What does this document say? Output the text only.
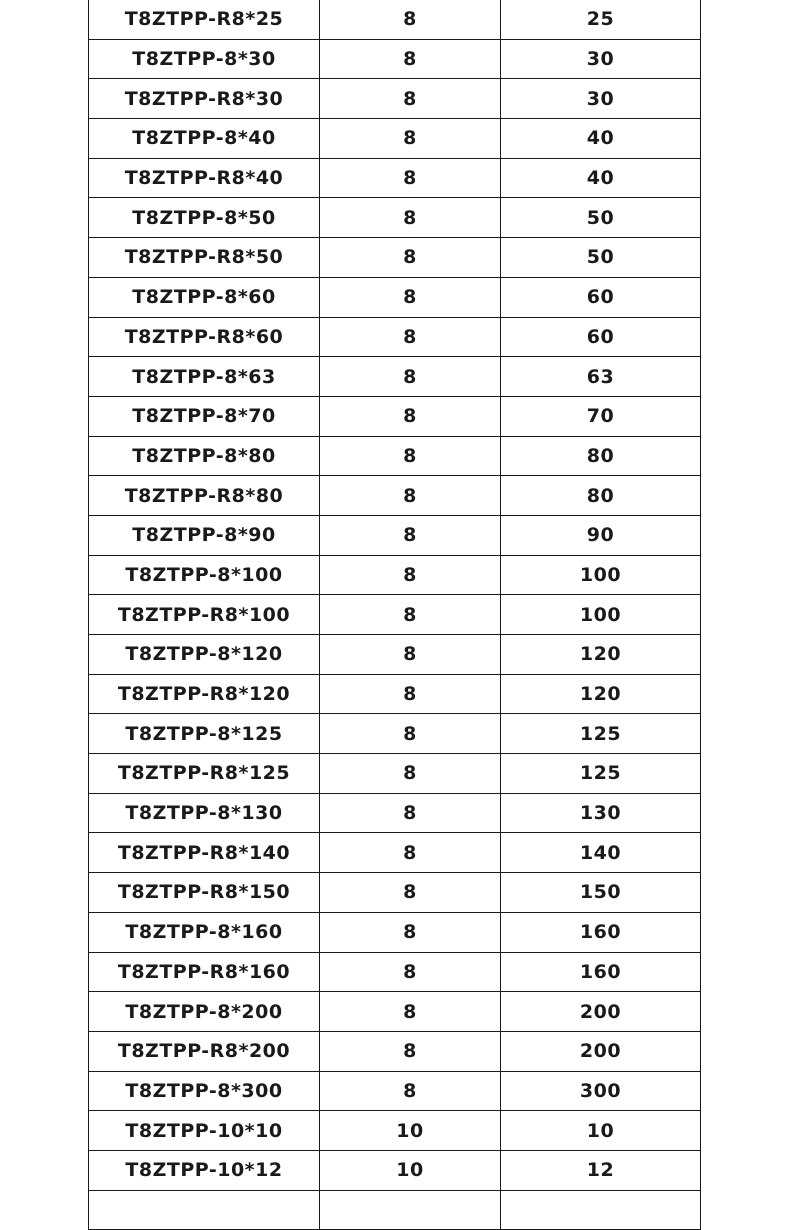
T8ZTPP-R8*25	8	25
T8ZTPP-8*30	8	30
T8ZTPP-R8*30	8	30
T8ZTPP-8*40	8	40
T8ZTPP-R8*40	8	40
T8ZTPP-8*50	8	50
T8ZTPP-R8*50	8	50
T8ZTPP-8*60	8	60
T8ZTPP-R8*60	8	60
T8ZTPP-8*63	8	63
T8ZTPP-8*70	8	70
T8ZTPP-8*80	8	80
T8ZTPP-R8*80	8	80
T8ZTPP-8*90	8	90
T8ZTPP-8*100	8	100
T8ZTPP-R8*100	8	100
T8ZTPP-8*120	8	120
T8ZTPP-R8*120	8	120
T8ZTPP-8*125	8	125
T8ZTPP-R8*125	8	125
T8ZTPP-8*130	8	130
T8ZTPP-R8*140	8	140
T8ZTPP-R8*150	8	150
T8ZTPP-8*160	8	160
T8ZTPP-R8*160	8	160
T8ZTPP-8*200	8	200
T8ZTPP-R8*200	8	200
T8ZTPP-8*300	8	300
T8ZTPP-10*10	10	10
T8ZTPP-10*12	10	12
